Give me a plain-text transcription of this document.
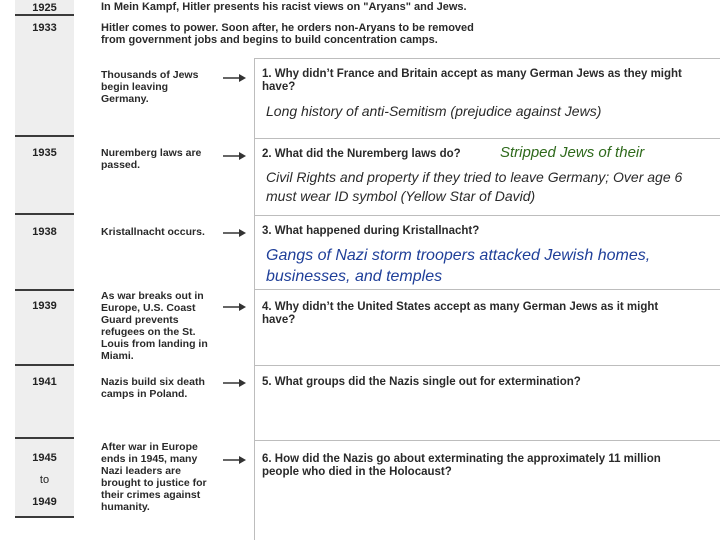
1925
1933
1935
1938
1939
1941
1945
to
1949
In Mein Kampf, Hitler presents his racist views on "Aryans" and Jews.
Hitler comes to power. Soon after, he orders non-Aryans to be removed from government jobs and begins to build concentration camps.
Thousands of Jews begin leaving Germany.
Nuremberg laws are passed.
Kristallnacht occurs.
As war breaks out in Europe, U.S. Coast Guard prevents refugees on the St. Louis from landing in Miami.
Nazis build six death camps in Poland.
After war in Europe ends in 1945, many Nazi leaders are brought to justice for their crimes against humanity.
1. Why didn’t France and Britain accept as many German Jews as they might have?
Long history of anti-Semitism (prejudice against Jews)
2. What did the Nuremberg laws do?	Stripped Jews of their
Civil Rights and property if they tried to leave Germany; Over age 6 must wear ID symbol (Yellow Star of David)
3. What happened during Kristallnacht?
Gangs of Nazi storm troopers attacked Jewish homes, businesses, and temples
4. Why didn’t the United States accept as many German Jews as it might have?
5. What groups did the Nazis single out for extermination?
6. How did the Nazis go about exterminating the approximately 11 million people who died in the Holocaust?
